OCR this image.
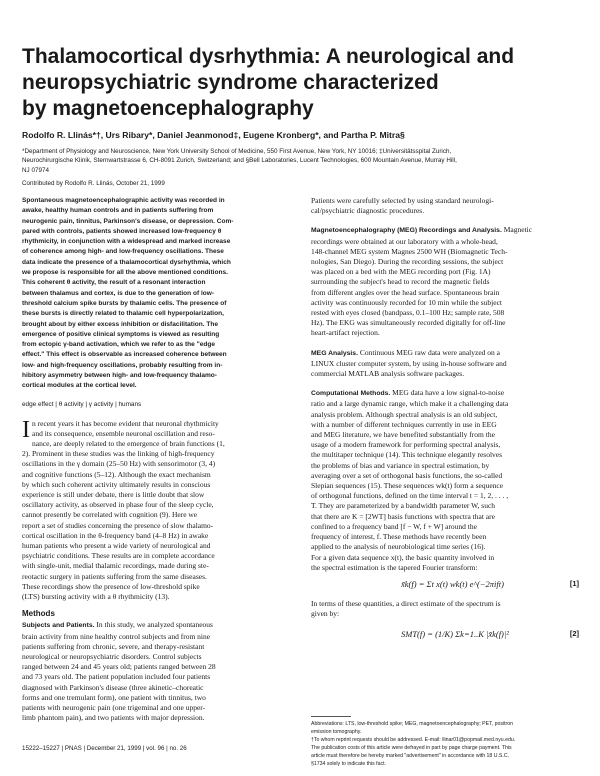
Thalamocortical dysrhythmia: A neurological and
neuropsychiatric syndrome characterized
by magnetoencephalography

Rodolfo R. Llinás*†, Urs Ribary*, Daniel Jeanmonod‡, Eugene Kronberg*, and Partha P. Mitra§

*Department of Physiology and Neuroscience, New York University School of Medicine, 550 First Avenue, New York, NY 10016; ‡Universitätsspital Zurich,
Neurochirurgische Klinik, Sternwartstrasse 6, CH-8091 Zurich, Switzerland; and §Bell Laboratories, Lucent Technologies, 600 Mountain Avenue, Murray Hill,
NJ 07974

Contributed by Rodolfo R. Llinás, October 21, 1999

Spontaneous magnetoencephalographic activity was recorded in
awake, healthy human controls and in patients suffering from
neurogenic pain, tinnitus, Parkinson's disease, or depression. Com-
pared with controls, patients showed increased low-frequency θ
rhythmicity, in conjunction with a widespread and marked increase
of coherence among high- and low-frequency oscillations. These
data indicate the presence of a thalamocortical dysrhythmia, which
we propose is responsible for all the above mentioned conditions.
This coherent θ activity, the result of a resonant interaction
between thalamus and cortex, is due to the generation of low-
threshold calcium spike bursts by thalamic cells. The presence of
these bursts is directly related to thalamic cell hyperpolarization,
brought about by either excess inhibition or disfacilitation. The
emergence of positive clinical symptoms is viewed as resulting
from ectopic γ-band activation, which we refer to as the "edge
effect." This effect is observable as increased coherence between
low- and high-frequency oscillations, probably resulting from in-
hibitory asymmetry between high- and low-frequency thalamo-
cortical modules at the cortical level.
edge effect | θ activity | γ activity | humans
I n recent years it has become evident that neuronal rhythmicity
and its consequence, ensemble neuronal oscillation and reso-
nance, are deeply related to the emergence of brain functions (1,
2). Prominent in these studies was the linking of high-frequency
oscillations in the γ domain (25–50 Hz) with sensorimotor (3, 4)
and cognitive functions (5–12). Although the exact mechanism
by which such coherent activity ultimately results in conscious
experience is still under debate, there is little doubt that slow
oscillatory activity, as observed in phase four of the sleep cycle,
cannot presently be correlated with cognition (9). Here we
report a set of studies concerning the presence of slow thalamo-
cortical oscillation in the θ-frequency band (4–8 Hz) in awake
human patients who present a wide variety of neurological and
psychiatric conditions. These results are in complete accordance
with single-unit, medial thalamic recordings, made during ste-
reotactic surgery in patients suffering from the same diseases.
These recordings show the presence of low-threshold spike
(LTS) bursting activity with a θ rhythmicity (13).
Methods
Subjects and Patients. In this study, we analyzed spontaneous
brain activity from nine healthy control subjects and from nine
patients suffering from chronic, severe, and therapy-resistant
neurological or neuropsychiatric disorders. Control subjects
ranged between 24 and 45 years old; patients ranged between 28
and 73 years old. The patient population included four patients
diagnosed with Parkinson's disease (three akinetic–choreatic
forms and one tremulant form), one patient with tinnitus, two
patients with neurogenic pain (one trigeminal and one upper-
limb phantom pain), and two patients with major depression.
Patients were carefully selected by using standard neurologi-
cal/psychiatric diagnostic procedures.
Magnetoencephalography (MEG) Recordings and Analysis. Magnetic
recordings were obtained at our laboratory with a whole-head,
148-channel MEG system Magnes 2500 WH (Biomagnetic Tech-
nologies, San Diego). During the recording sessions, the subject
was placed on a bed with the MEG recording port (Fig. 1A)
surrounding the subject's head to record the magnetic fields
from different angles over the head surface. Spontaneous brain
activity was continuously recorded for 10 min while the subject
rested with eyes closed (bandpass, 0.1–100 Hz; sample rate, 508
Hz). The EKG was simultaneously recorded digitally for off-line
heart-artifact rejection.
MEG Analysis. Continuous MEG raw data were analyzed on a
LINUX cluster computer system, by using in-house software and
commercial MATLAB analysis software packages.
Computational Methods. MEG data have a low signal-to-noise
ratio and a large dynamic range, which make it a challenging data
analysis problem. Although spectral analysis is an old subject,
with a number of different techniques currently in use in EEG
and MEG literature, we have benefited substantially from the
usage of a modern framework for performing spectral analysis,
the multitaper technique (14). This technique elegantly resolves
the problems of bias and variance in spectral estimation, by
averaging over a set of orthogonal basis functions, the so-called
Slepian sequences (15). These sequences wk(t) form a sequence
of orthogonal functions, defined on the time interval t = 1, 2, . . . ,
T. They are parameterized by a bandwidth parameter W, such
that there are K = [2WT] basis functions with spectra that are
confined to a frequency band [f − W, f + W] around the
frequency of interest, f. These methods have recently been
applied to the analysis of neurobiological time series (16).
For a given data sequence x(t), the basic quantity involved in
the spectral estimation is the tapered Fourier transform:
x̃k(f) = Σt x(t) wk(t) e^(−2πift)	[1]
In terms of these quantities, a direct estimate of the spectrum is
given by:
SMT(f) = (1/K) Σk=1..K |x̃k(f)|²	[2]
Abbreviations: LTS, low-threshold spike; MEG, magnetoencephalography; PET, positron
emission tomography.
†To whom reprint requests should be addressed. E-mail: llinar01@popmail.med.nyu.edu.
The publication costs of this article were defrayed in part by page charge payment. This
article must therefore be hereby marked "advertisement" in accordance with 18 U.S.C.
§1734 solely to indicate this fact.

15222–15227 | PNAS | December 21, 1999 | vol. 96 | no. 26
